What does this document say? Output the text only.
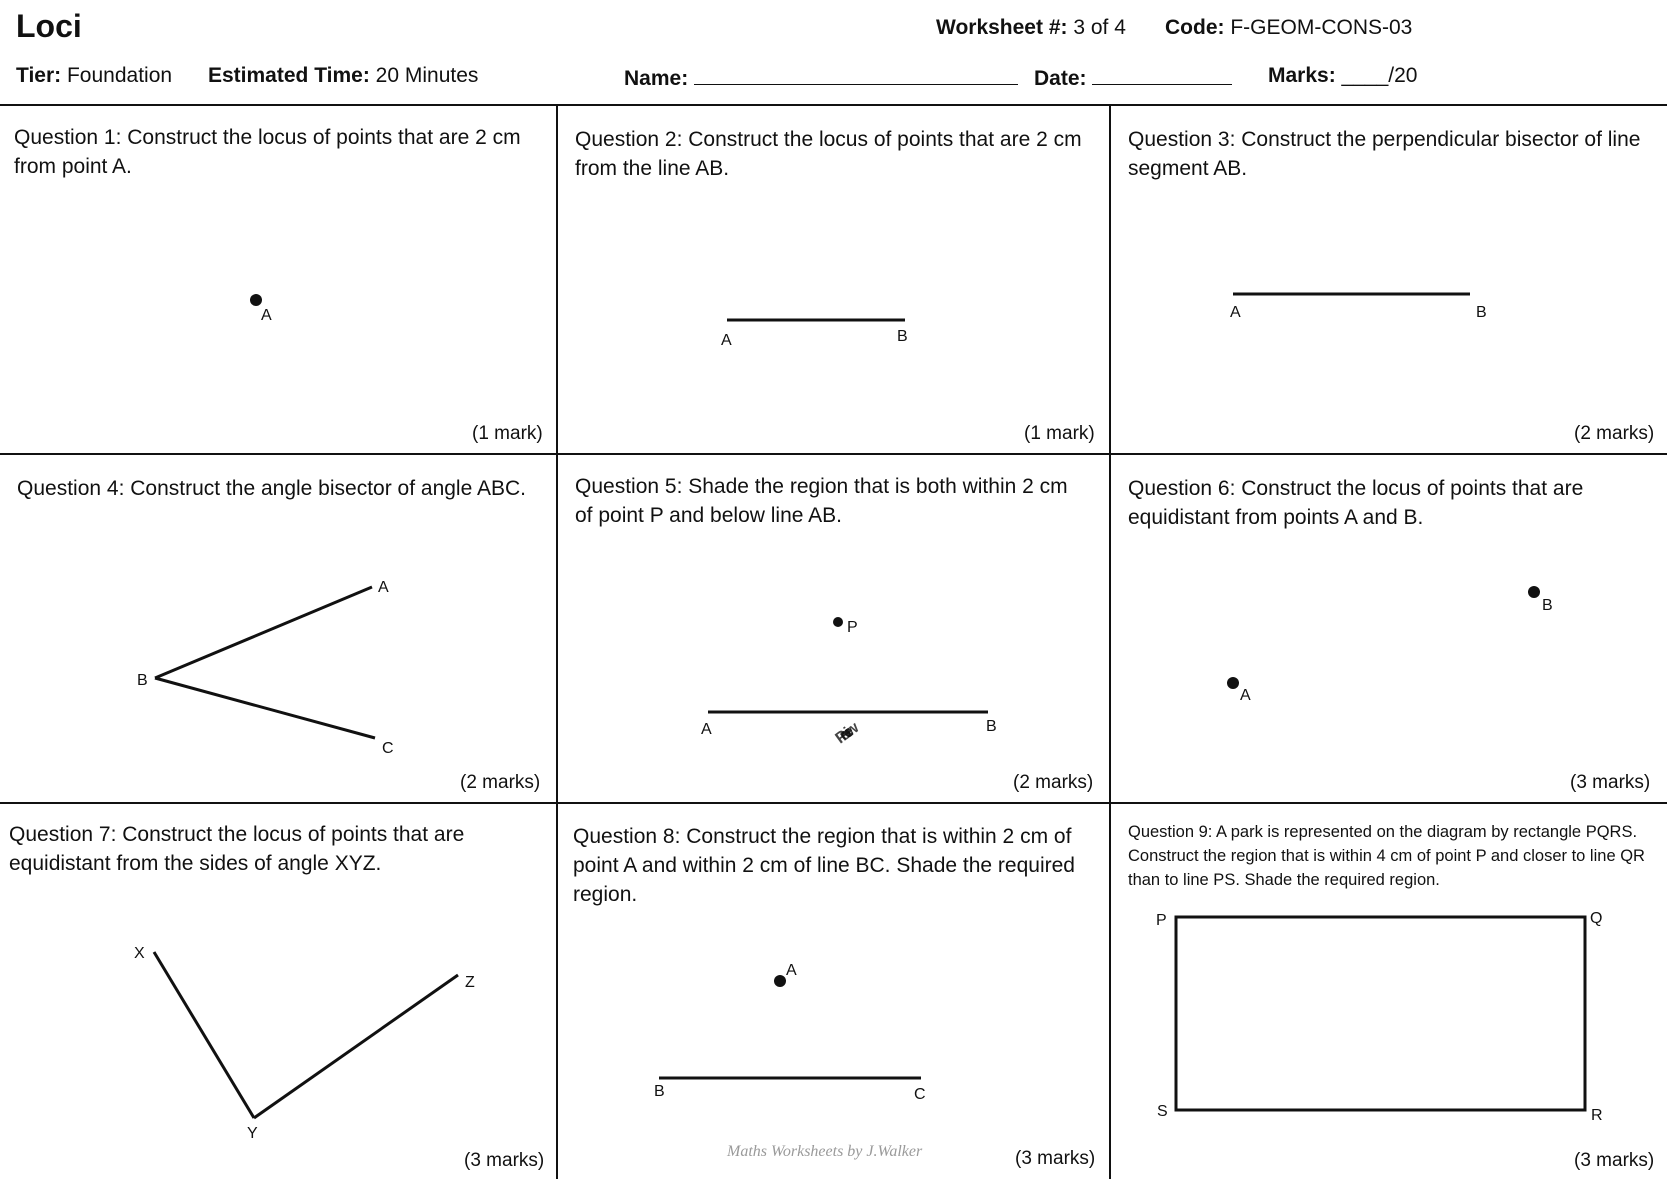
Loci	Worksheet #: 3 of 4 Code: F-GEOM-CONS-03
Tier: Foundation Estimated Time: 20 Minutes	Name:	Date:	Marks: ____/20
Question 1: Construct the locus of points that are 2 cm from point A.
A
(1 mark)
Question 2: Construct the locus of points that are 2 cm from the line AB.
A	B
(1 mark)
Question 3: Construct the perpendicular bisector of line segment AB.
A	B
(2 marks)
Question 4: Construct the angle bisector of angle ABC.
A
B
C
(2 marks)
Question 5: Shade the region that is both within 2 cm of point P and below line AB.
P
A	B
(2 marks)
Question 6: Construct the locus of points that are equidistant from points A and B.
A
B
(3 marks)
Question 7: Construct the locus of points that are equidistant from the sides of angle XYZ.
X
Y
Z
(3 marks)
Question 8: Construct the region that is within 2 cm of point A and within 2 cm of line BC. Shade the required region.
A
B	C
(3 marks)
Question 9: A park is represented on the diagram by rectangle PQRS. Construct the region that is within 4 cm of point P and closer to line QR than to line PS. Shade the required region.
P	Q
R
S
(3 marks)
Maths Worksheets by J.Walker
Preview
